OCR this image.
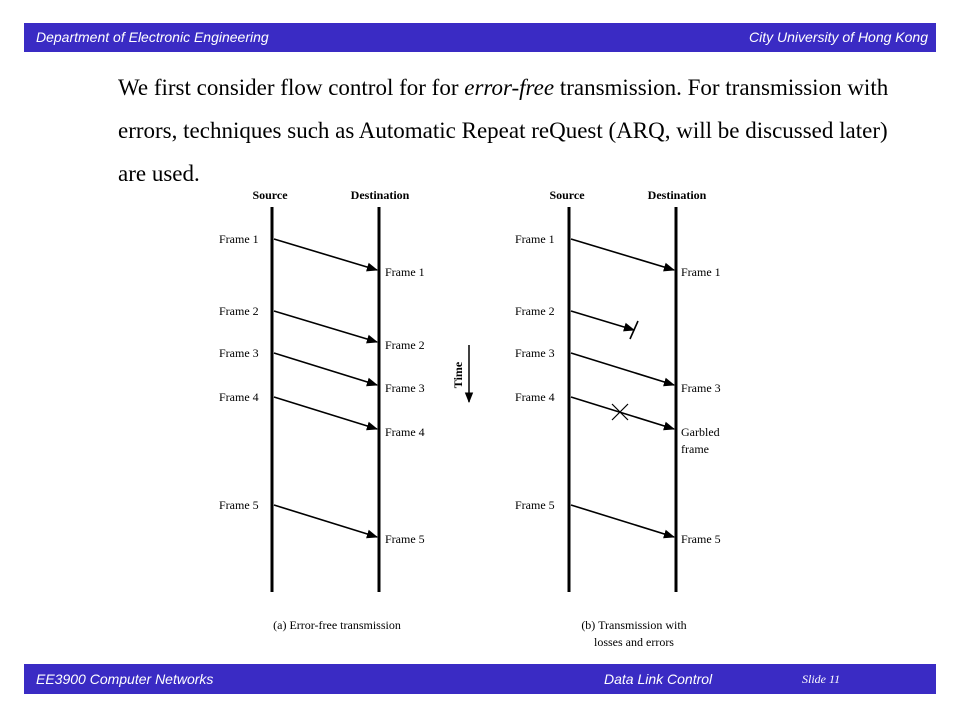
Department of Electronic Engineering	City University of Hong Kong

We first consider flow control for for error-free transmission. For transmission with errors, techniques such as Automatic Repeat reQuest (ARQ, will be discussed later) are used.

Source	Destination
Frame 1
Frame 2
Frame 3
Frame 4
Frame 5
Frame 1
Frame 2
Frame 3
Frame 4
Frame 5
(a) Error-free transmission
Time
Source	Destination
Frame 1
Frame 2
Frame 3
Frame 4
Frame 5
Frame 1
Frame 3
Garbled
frame
Frame 5
(b) Transmission with
losses and errors
EE3900 Computer Networks	Data Link Control	Slide 11
